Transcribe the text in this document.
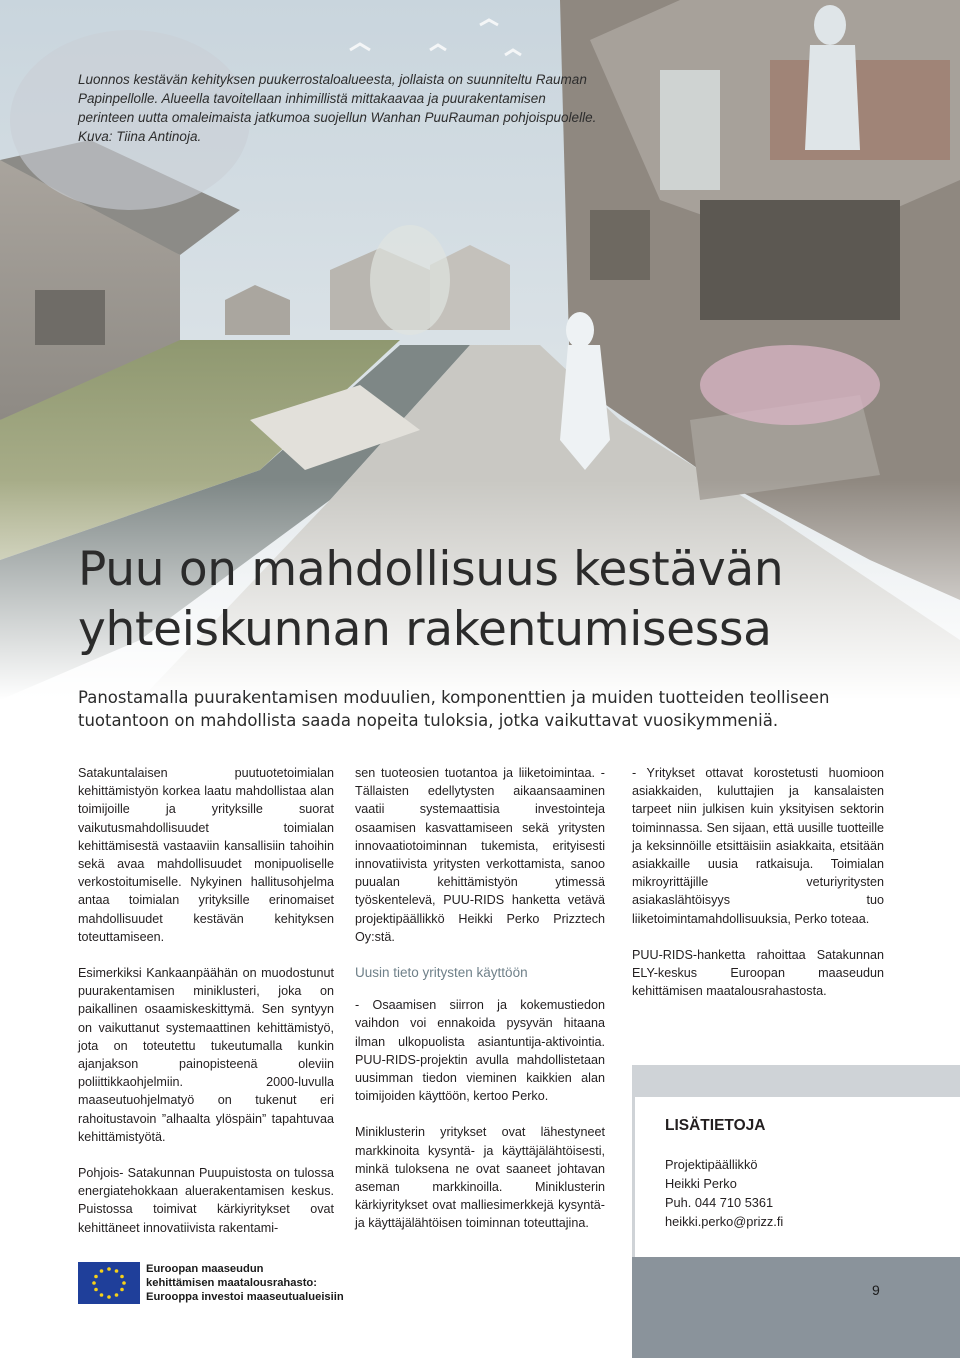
Luonnos kestävän kehityksen puukerrostaloalueesta, jollaista on suunniteltu Rauman Papinpellolle. Alueella tavoitellaan inhimillistä mittakaavaa ja puurakentamisen perinteen uutta omaleimaista jatkumoa suojellun Wanhan PuuRauman pohjoispuolelle. Kuva: Tiina Antinoja.

Puu on mahdollisuus kestävän yhteiskunnan rakentumisessa

Panostamalla puurakentamisen moduulien, komponenttien ja muiden tuotteiden teolliseen tuotantoon on mahdollista saada nopeita tuloksia, jotka vaikuttavat vuosikymmeniä.

Satakuntalaisen puutuotetoimialan kehittämistyön korkea laatu mahdollistaa alan toimijoille ja yrityksille suorat vaikutusmahdollisuudet toimialan kehittämisestä vastaaviin kansallisiin tahoihin sekä avaa mahdollisuudet monipuoliselle verkostoitumiselle. Nykyinen hallitusohjelma antaa toimialan yrityksille erinomaiset mahdollisuudet kestävän kehityksen toteuttamiseen.

Esimerkiksi Kankaanpäähän on muodostunut puurakentamisen miniklusteri, joka on paikallinen osaamiskeskittymä. Sen syntyyn on vaikuttanut systemaattinen kehittämistyö, jota on toteutettu tukeutumalla kunkin ajanjakson painopisteenä oleviin poliittikkaohjelmiin. 2000-luvulla maaseutuohjelmatyö on tukenut eri rahoitustavoin ”alhaalta ylöspäin” tapahtuvaa kehittämistyötä.

Pohjois- Satakunnan Puupuistosta on tulossa energiatehokkaan aluerakentamisen keskus. Puistossa toimivat kärkiyritykset ovat kehittäneet innovatiivista rakentami-

sen tuoteosien tuotantoa ja liiketoimintaa. - Tällaisten edellytysten aikaansaaminen vaatii systemaattisia investointeja osaamisen kasvattamiseen sekä yritysten innovaatiotoiminnan tukemista, erityisesti innovatiivista yritysten verkottamista, sanoo puualan kehittämistyön ytimessä työskentelevä, PUU-RIDS hanketta vetävä projektipäällikkö Heikki Perko Prizztech Oy:stä.

Uusin tieto yritysten käyttöön

- Osaamisen siirron ja kokemustiedon vaihdon voi ennakoida pysyvän hitaana ilman ulkopuolista asiantuntija-aktivointia. PUU-RIDS-projektin avulla mahdollistetaan uusimman tiedon vieminen kaikkien alan toimijoiden käyttöön, kertoo Perko.

Miniklusterin yritykset ovat lähestyneet markkinoita kysyntä- ja käyttäjälähtöisesti, minkä tuloksena ne ovat saaneet johtavan aseman markkinoilla. Miniklusterin kärkiyritykset ovat malliesimerkkejä kysyntä- ja käyttäjälähtöisen toiminnan toteuttajina.

- Yritykset ottavat korostetusti huomioon asiakkaiden, kuluttajien ja kansalaisten tarpeet niin julkisen kuin yksityisen sektorin toiminnassa. Sen sijaan, että uusille tuotteille ja keksinnöille etsittäisiin asiakkaita, etsitään asiakkaille uusia ratkaisuja. Toimialan mikroyrittäjille veturiyritysten asiakaslähtöisyys tuo liiketoimintamahdollisuuksia, Perko toteaa.

PUU-RIDS-hanketta rahoittaa Satakunnan ELY-keskus Euroopan maaseudun kehittämisen maatalousrahastosta.

LISÄTIETOJA
Projektipäällikkö
Heikki Perko
Puh. 044 710 5361
heikki.perko@prizz.fi
9
Euroopan maaseudun
kehittämisen maatalousrahasto:
Eurooppa investoi maaseutualueisiin
